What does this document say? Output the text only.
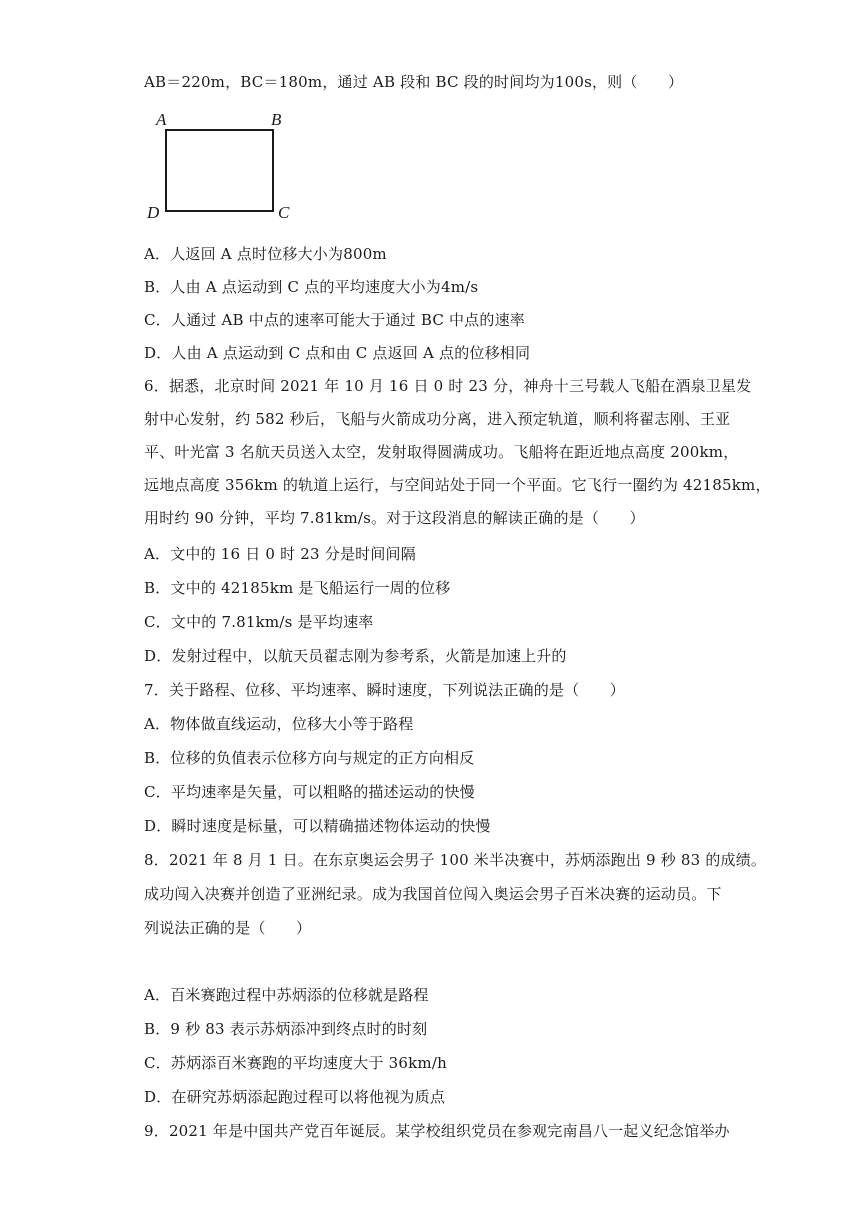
AB＝220m，BC＝180m，通过 AB 段和 BC 段的时间均为100s，则（　　）
A	B
C
D
A．人返回 A 点时位移大小为800m
B．人由 A 点运动到 C 点的平均速度大小为4m/s
C．人通过 AB 中点的速率可能大于通过 BC 中点的速率
D．人由 A 点运动到 C 点和由 C 点返回 A 点的位移相同
6．据悉，北京时间 2021 年 10 月 16 日 0 时 23 分，神舟十三号载人飞船在酒泉卫星发
射中心发射，约 582 秒后，飞船与火箭成功分离，进入预定轨道，顺利将翟志刚、王亚
平、叶光富 3 名航天员送入太空，发射取得圆满成功。飞船将在距近地点高度 200km，
远地点高度 356km 的轨道上运行，与空间站处于同一个平面。它飞行一圈约为 42185km，
用时约 90 分钟，平均 7.81km/s。对于这段消息的解读正确的是（　　）
A．文中的 16 日 0 时 23 分是时间间隔
B．文中的 42185km 是飞船运行一周的位移
C．文中的 7.81km/s 是平均速率
D．发射过程中，以航天员翟志刚为参考系，火箭是加速上升的
7．关于路程、位移、平均速率、瞬时速度，下列说法正确的是（　　）
A．物体做直线运动，位移大小等于路程
B．位移的负值表示位移方向与规定的正方向相反
C．平均速率是矢量，可以粗略的描述运动的快慢
D．瞬时速度是标量，可以精确描述物体运动的快慢
8．2021 年 8 月 1 日。在东京奥运会男子 100 米半决赛中，苏炳添跑出 9 秒 83 的成绩。
成功闯入决赛并创造了亚洲纪录。成为我国首位闯入奥运会男子百米决赛的运动员。下
列说法正确的是（　　）
A．百米赛跑过程中苏炳添的位移就是路程
B．9 秒 83 表示苏炳添冲到终点时的时刻
C．苏炳添百米赛跑的平均速度大于 36km/h
D．在研究苏炳添起跑过程可以将他视为质点
9．2021 年是中国共产党百年诞辰。某学校组织党员在参观完南昌八一起义纪念馆举办
